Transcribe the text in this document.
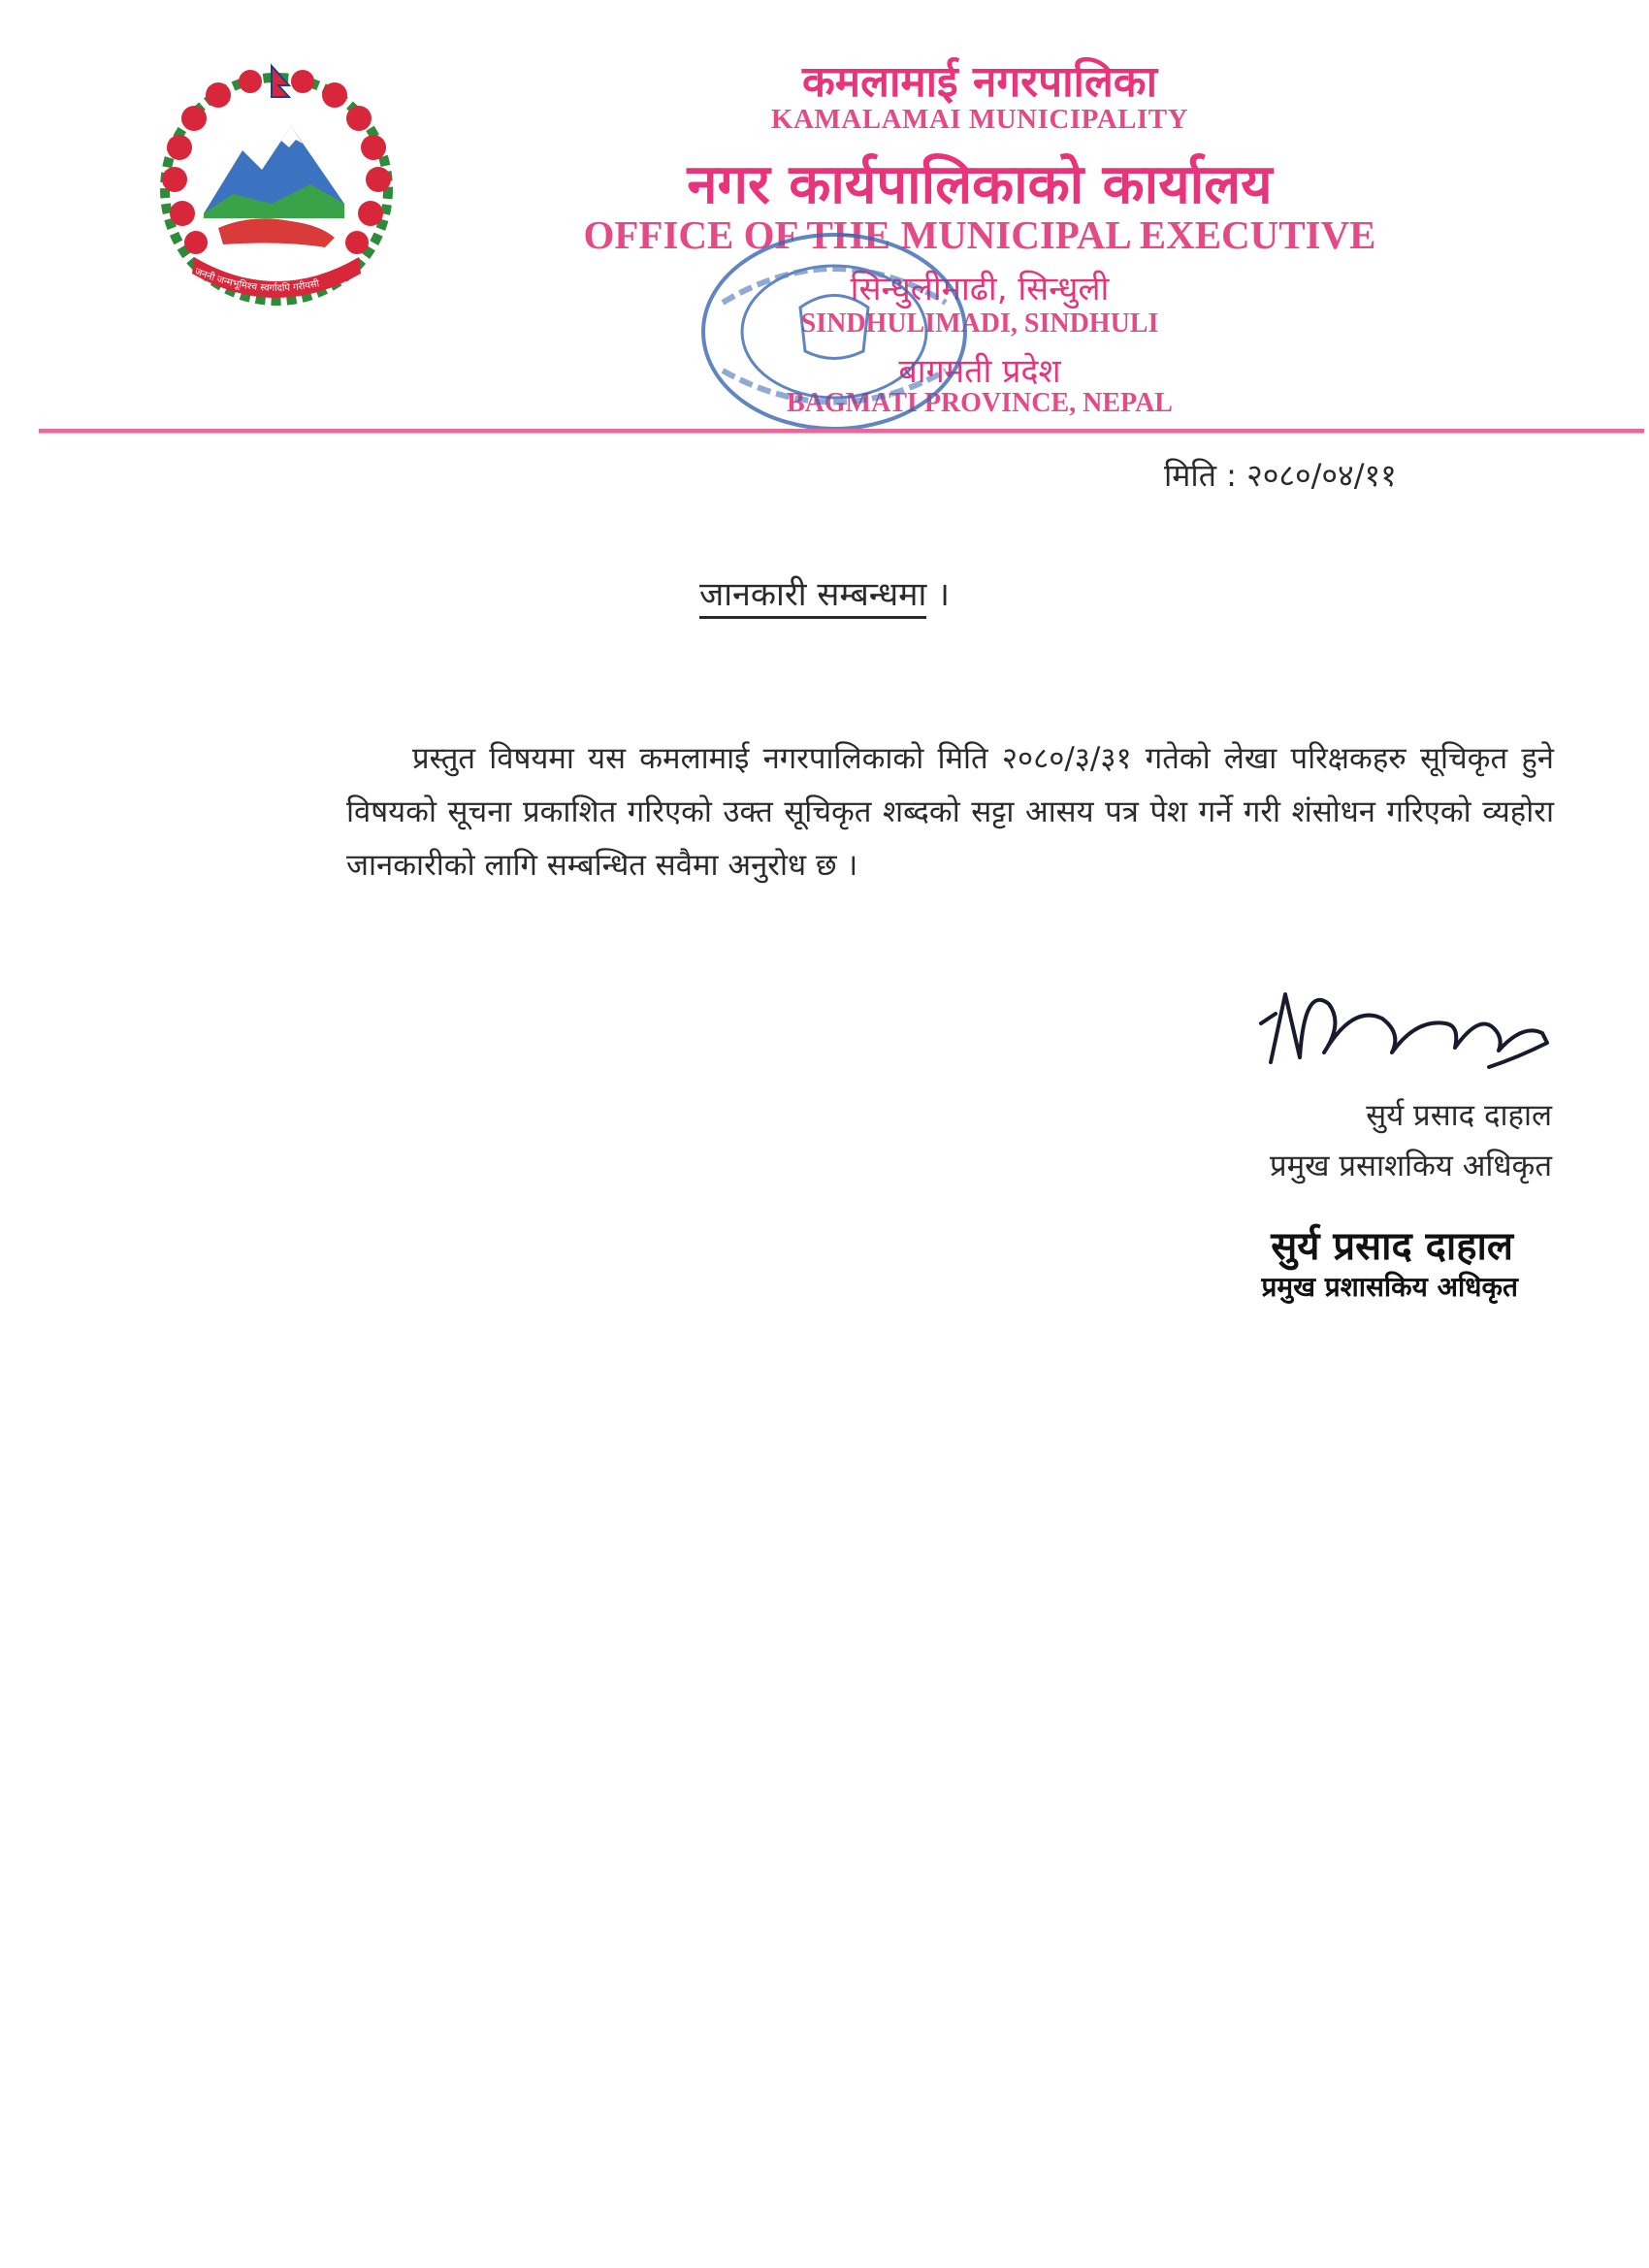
जननी जन्मभूमिश्च स्वर्गादपि गरीयसी
कमलामाई नगरपालिका
KAMALAMAI MUNICIPALITY
नगर कार्यपालिकाको कार्यालय
OFFICE OF THE MUNICIPAL EXECUTIVE
सिन्धुलीमाढी, सिन्धुली
SINDHULIMADI, SINDHULI
बागमती प्रदेश
BAGMATI PROVINCE, NEPAL
मिति : २०८०/०४/११
जानकारी सम्बन्धमा ।
प्रस्तुत विषयमा यस कमलामाई नगरपालिकाको मिति २०८०/३/३१ गतेको लेखा परिक्षकहरु सूचिकृत हुने विषयको सूचना प्रकाशित गरिएको उक्त सूचिकृत शब्दको सट्टा आसय पत्र पेश गर्ने गरी शंसोधन गरिएको व्यहोरा जानकारीको लागि सम्बन्धित सवैमा अनुरोध छ ।
सुर्य प्रसाद दाहाल
प्रमुख प्रसाशकिय अधिकृत
सुर्य प्रसाद दाहाल
प्रमुख प्रशासकिय अधिकृत
